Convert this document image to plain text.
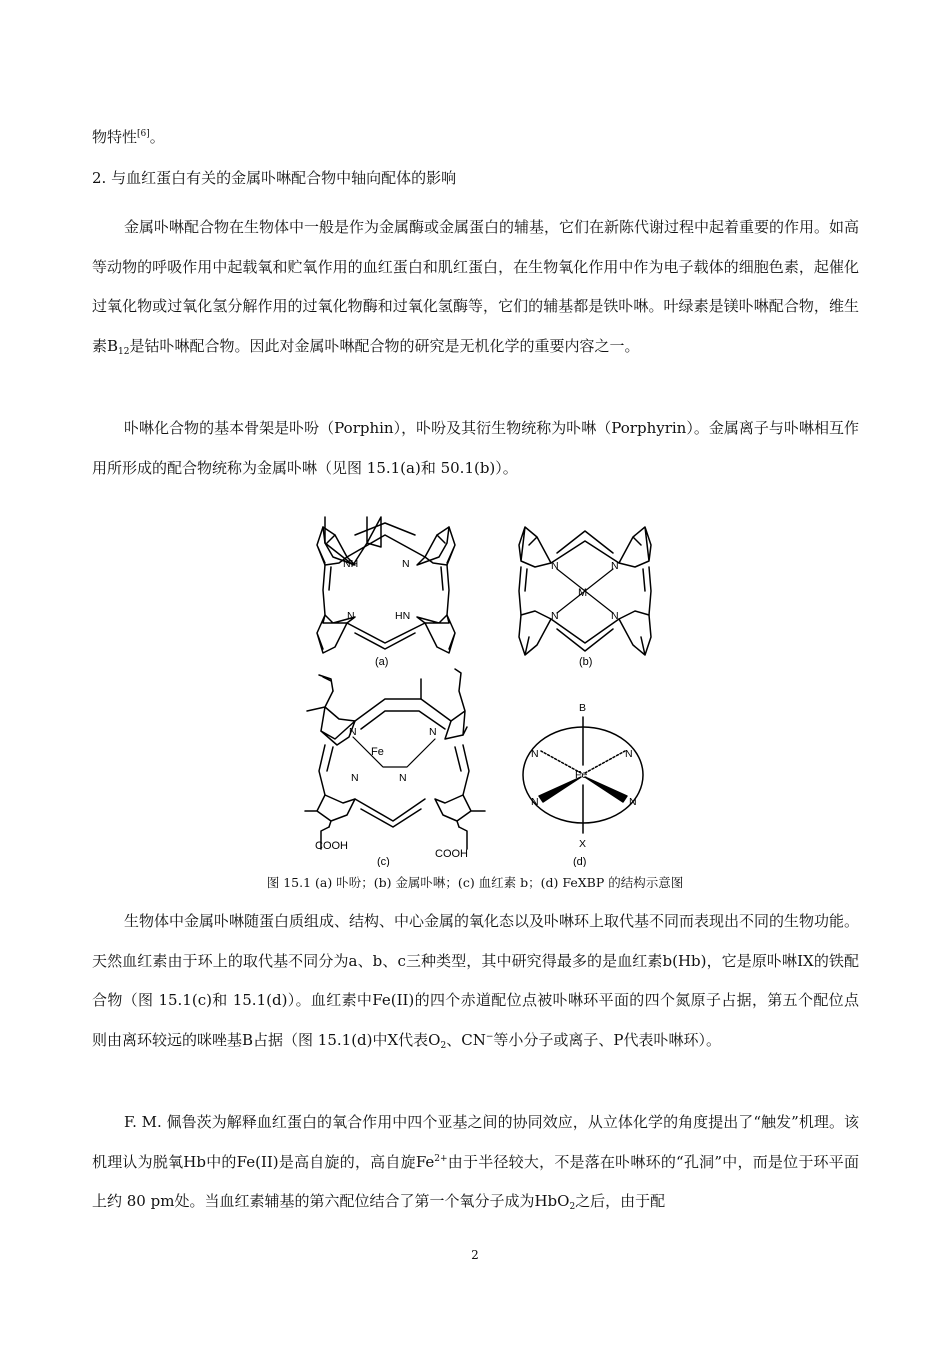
物特性[6]。

2. 与血红蛋白有关的金属卟啉配合物中轴向配体的影响

金属卟啉配合物在生物体中一般是作为金属酶或金属蛋白的辅基，它们在新陈代谢过程中起着重要的作用。如高等动物的呼吸作用中起载氧和贮氧作用的血红蛋白和肌红蛋白，在生物氧化作用中作为电子载体的细胞色素，起催化过氧化物或过氧化氢分解作用的过氧化物酶和过氧化氢酶等，它们的辅基都是铁卟啉。叶绿素是镁卟啉配合物，维生素$B_{12}$是钴卟啉配合物。因此对金属卟啉配合物的研究是无机化学的重要内容之一。

卟啉化合物的基本骨架是卟吩（Porphin），卟吩及其衍生物统称为卟啉（Porphyrin）。金属离子与卟啉相互作用所形成的配合物统称为金属卟啉（见图 15.1(a)和 50.1(b)）。

NH	N
N	HN
(a)
N	N
M
N	N
(b)
N	N
Fe
N	N
COOH
COOH
(c)
B
N	N
Fe
N	N
X
(d)
图 15.1 (a) 卟吩；(b) 金属卟啉；(c) 血红素 b；(d) FeXBP 的结构示意图

生物体中金属卟啉随蛋白质组成、结构、中心金属的氧化态以及卟啉环上取代基不同而表现出不同的生物功能。天然血红素由于环上的取代基不同分为a、b、c三种类型，其中研究得最多的是血红素b(Hb)，它是原卟啉IX的铁配合物（图 15.1(c)和 15.1(d)）。血红素中Fe(II)的四个赤道配位点被卟啉环平面的四个氮原子占据，第五个配位点则由离环较远的咪唑基B占据（图 15.1(d)中X代表$O_2$、CN−等小分子或离子、P代表卟啉环）。

F. M. 佩鲁茨为解释血红蛋白的氧合作用中四个亚基之间的协同效应，从立体化学的角度提出了“触发”机理。该机理认为脱氧Hb中的Fe(II)是高自旋的，高自旋$Fe^{2+}$由于半径较大，不是落在卟啉环的“孔洞”中，而是位于环平面上约 80 pm处。当血红素辅基的第六配位结合了第一个氧分子成为HbO$_2$之后，由于配

2
